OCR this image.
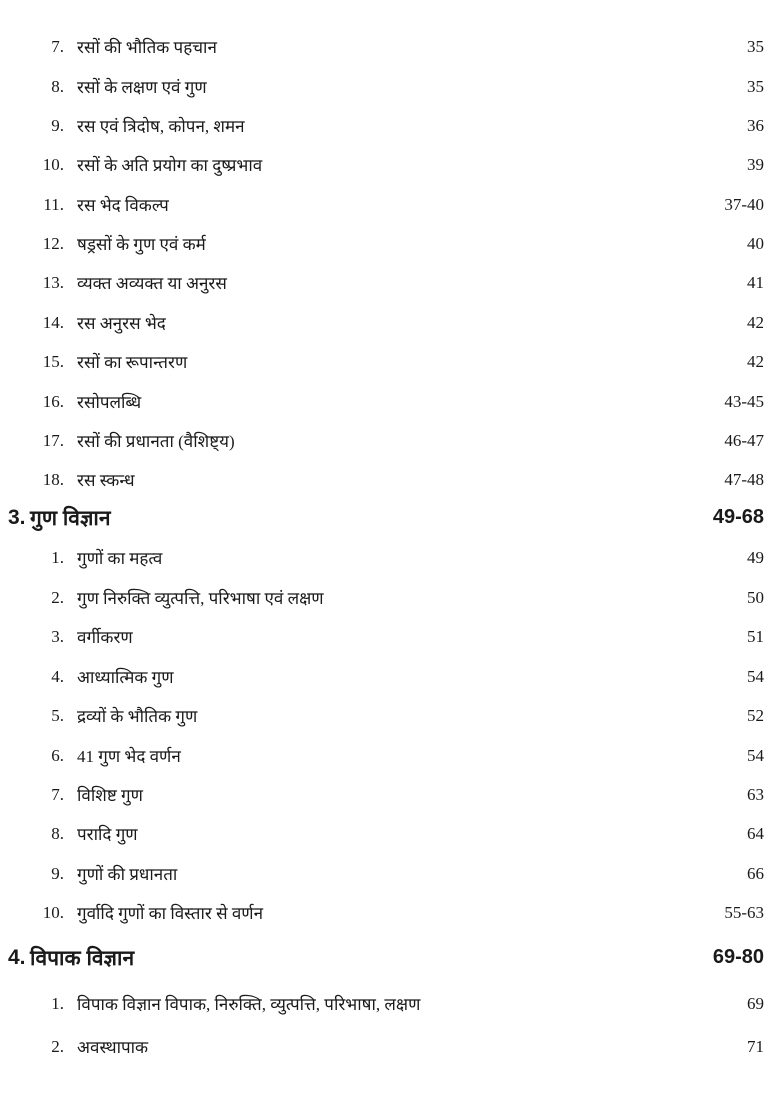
7. रसों की भौतिक पहचान	35
8. रसों के लक्षण एवं गुण	35
9. रस एवं त्रिदोष, कोपन, शमन	36
10. रसों के अति प्रयोग का दुष्प्रभाव	39
11. रस भेद विकल्प	37-40
12. षड्रसों के गुण एवं कर्म	40
13. व्यक्त अव्यक्त या अनुरस	41
14. रस अनुरस भेद	42
15. रसों का रूपान्तरण	42
16. रसोपलब्धि	43-45
17. रसों की प्रधानता (वैशिष्ट्य)	46-47
18. रस स्कन्ध	47-48
3. गुण विज्ञान	49-68
1. गुणों का महत्व	49
2. गुण निरुक्ति व्युत्पत्ति, परिभाषा एवं लक्षण	50
3. वर्गीकरण	51
4. आध्यात्मिक गुण	54
5. द्रव्यों के भौतिक गुण	52
6. 41 गुण भेद वर्णन	54
7. विशिष्ट गुण	63
8. परादि गुण	64
9. गुणों की प्रधानता	66
10. गुर्वादि गुणों का विस्तार से वर्णन	55-63
4. विपाक विज्ञान	69-80
1. विपाक विज्ञान विपाक, निरुक्ति, व्युत्पत्ति, परिभाषा, लक्षण	69
2. अवस्थापाक	71
